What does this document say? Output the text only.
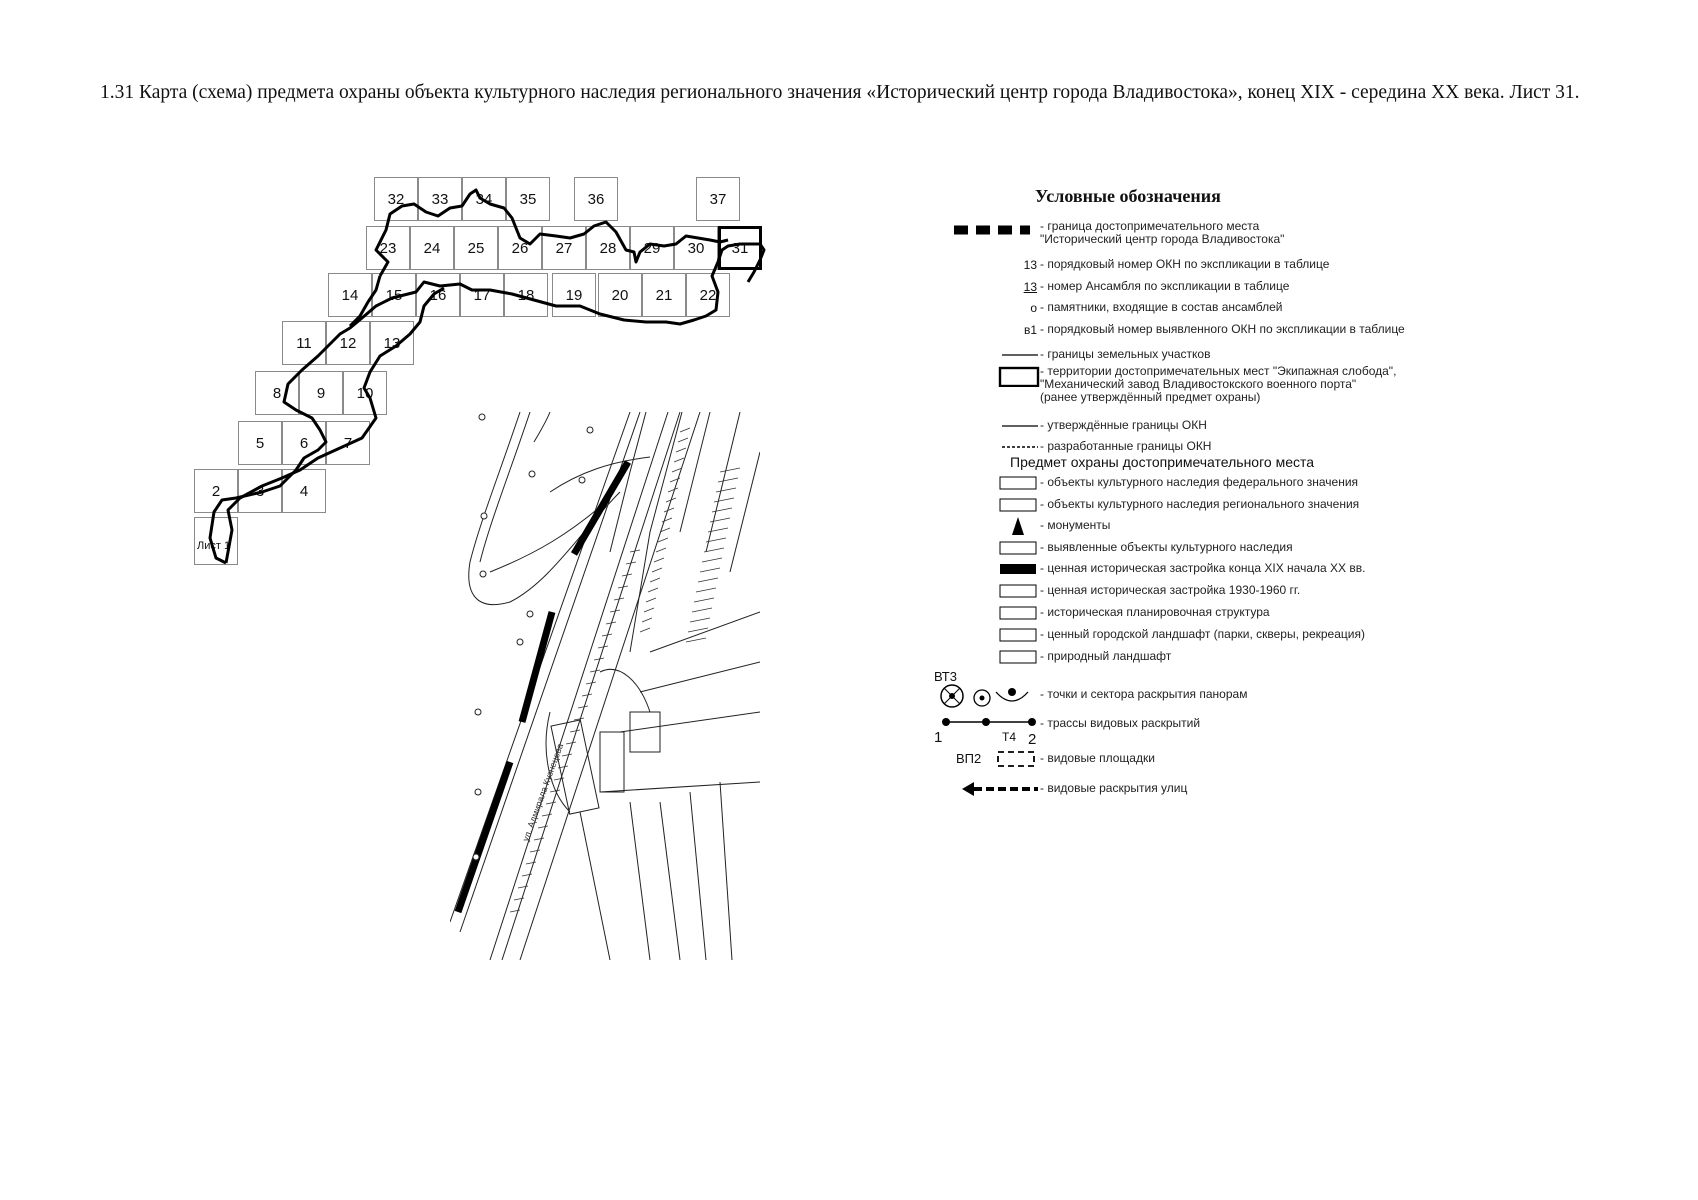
1.31 Карта (схема) предмета охраны объекта культурного наследия регионального значения «Исторический центр города Владивостока», конец XIX - середина XX века. Лист 31.
32	33	34	35	36	37
23	24	25	26	27	28	29	30	31
14	15	16	17	18	19	20	21	22
11	12	13
8	9	10
5	6	7
2	3	4
Лист 1
ул. Адмирала Кузнецова
Условные обозначения
- граница достопримечательного места
"Исторический центр города Владивостока"
13 - порядковый номер ОКН по экспликации в таблице
13 - номер Ансамбля по экспликации в таблице
o - памятники, входящие в состав ансамблей
в1 - порядковый номер выявленного ОКН по экспликации в таблице
- границы земельных участков
- территории достопримечательных мест "Экипажная слобода",
"Механический завод Владивостокского военного порта"
(ранее утверждённый предмет охраны)
- утверждённые границы ОКН
- разработанные границы ОКН
Предмет охраны достопримечательного места
- объекты культурного наследия федерального значения
- объекты культурного наследия регионального значения
- монументы
- выявленные объекты культурного наследия
- ценная историческая застройка конца XIX начала XX вв.
- ценная историческая застройка 1930-1960 гг.
- историческая планировочная структура
- ценный городской ландшафт (парки, скверы, рекреация)
- природный ландшафт
ВТ3
- точки и сектора раскрытия панорам
1	Т4 2
- трассы видовых раскрытий
ВП2	- видовые площадки
- видовые раскрытия улиц
